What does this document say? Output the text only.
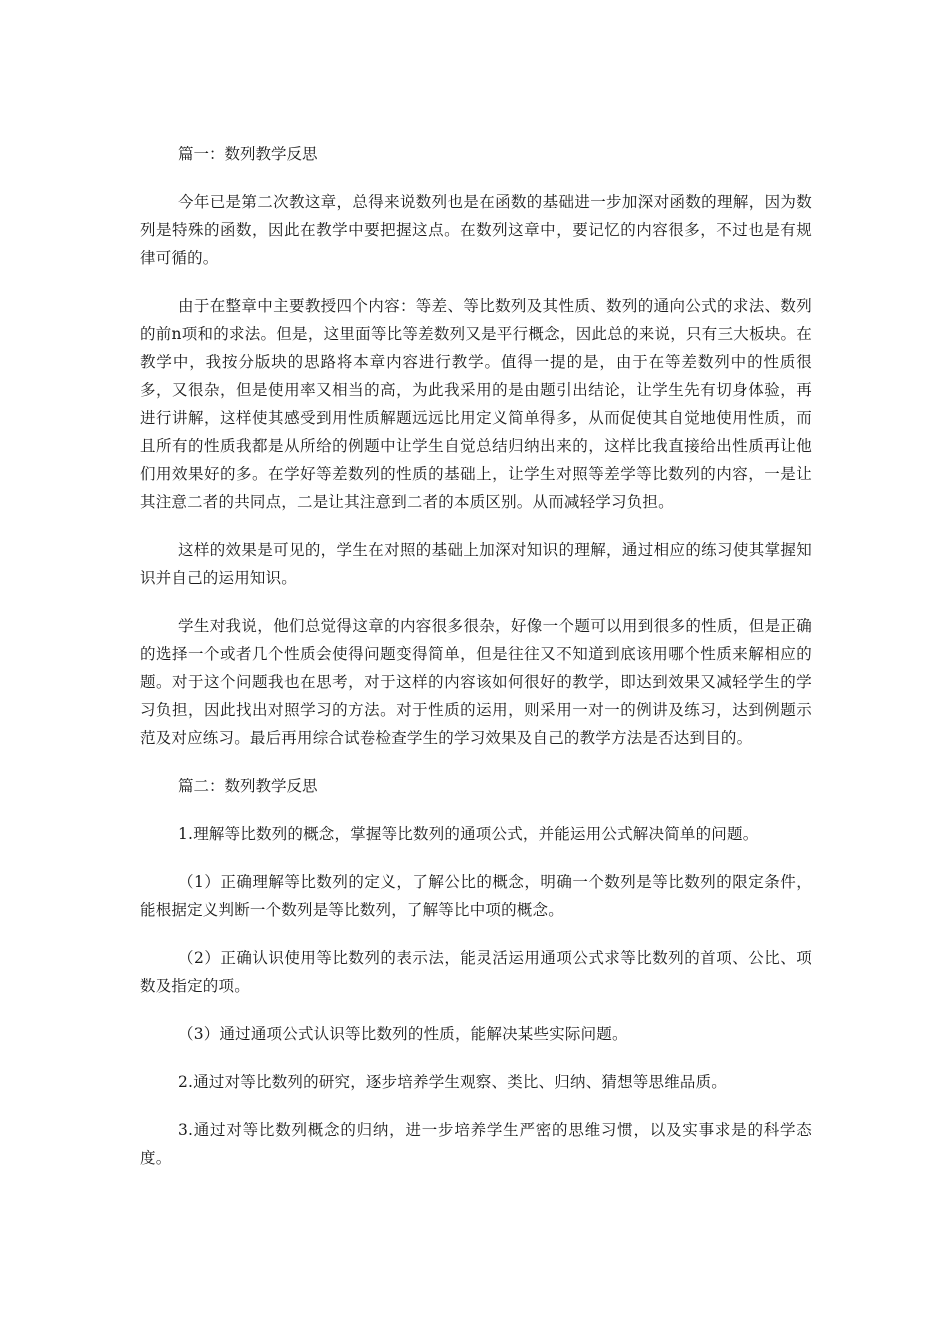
篇一：数列教学反思

今年已是第二次教这章，总得来说数列也是在函数的基础进一步加深对函数的理解，因为数列是特殊的函数，因此在教学中要把握这点。在数列这章中，要记忆的内容很多，不过也是有规律可循的。

由于在整章中主要教授四个内容：等差、等比数列及其性质、数列的通向公式的求法、数列的前n项和的求法。但是，这里面等比等差数列又是平行概念，因此总的来说，只有三大板块。在教学中，我按分版块的思路将本章内容进行教学。值得一提的是，由于在等差数列中的性质很多，又很杂，但是使用率又相当的高，为此我采用的是由题引出结论，让学生先有切身体验，再进行讲解，这样使其感受到用性质解题远远比用定义简单得多，从而促使其自觉地使用性质，而且所有的性质我都是从所给的例题中让学生自觉总结归纳出来的，这样比我直接给出性质再让他们用效果好的多。在学好等差数列的性质的基础上，让学生对照等差学等比数列的内容，一是让其注意二者的共同点，二是让其注意到二者的本质区别。从而减轻学习负担。

这样的效果是可见的，学生在对照的基础上加深对知识的理解，通过相应的练习使其掌握知识并自己的运用知识。

学生对我说，他们总觉得这章的内容很多很杂，好像一个题可以用到很多的性质，但是正确的选择一个或者几个性质会使得问题变得简单，但是往往又不知道到底该用哪个性质来解相应的题。对于这个问题我也在思考，对于这样的内容该如何很好的教学，即达到效果又减轻学生的学习负担，因此找出对照学习的方法。对于性质的运用，则采用一对一的例讲及练习，达到例题示范及对应练习。最后再用综合试卷检查学生的学习效果及自己的教学方法是否达到目的。

篇二：数列教学反思

1.理解等比数列的概念，掌握等比数列的通项公式，并能运用公式解决简单的问题。

（1）正确理解等比数列的定义，了解公比的概念，明确一个数列是等比数列的限定条件，能根据定义判断一个数列是等比数列，了解等比中项的概念。

（2）正确认识使用等比数列的表示法，能灵活运用通项公式求等比数列的首项、公比、项数及指定的项。

（3）通过通项公式认识等比数列的性质，能解决某些实际问题。

2.通过对等比数列的研究，逐步培养学生观察、类比、归纳、猜想等思维品质。

3.通过对等比数列概念的归纳，进一步培养学生严密的思维习惯，以及实事求是的科学态度。
